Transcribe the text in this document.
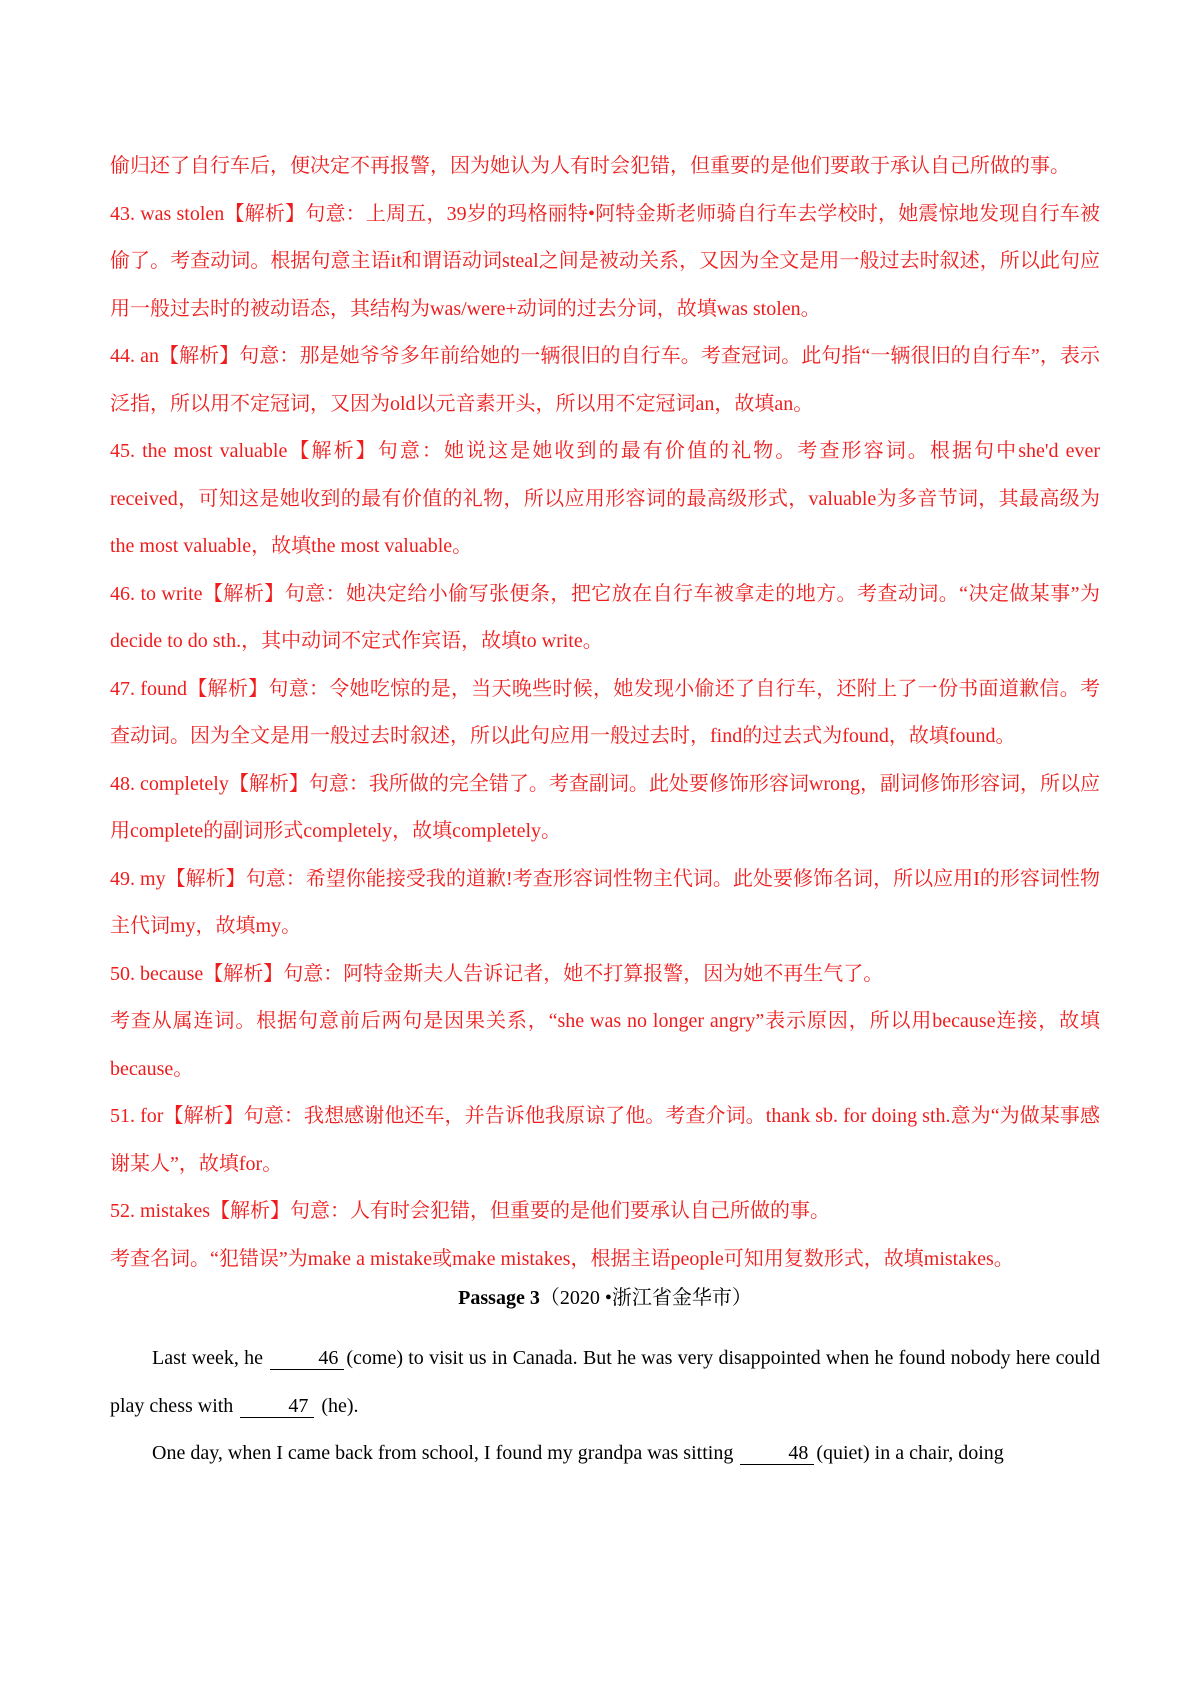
偷归还了自行车后，便决定不再报警，因为她认为人有时会犯错，但重要的是他们要敢于承认自己所做的事。

43. was stolen【解析】句意：上周五，39岁的玛格丽特•阿特金斯老师骑自行车去学校时，她震惊地发现自行车被偷了。考查动词。根据句意主语it和谓语动词steal之间是被动关系，又因为全文是用一般过去时叙述，所以此句应用一般过去时的被动语态，其结构为was/were+动词的过去分词，故填was stolen。

44. an【解析】句意：那是她爷爷多年前给她的一辆很旧的自行车。考查冠词。此句指“一辆很旧的自行车”，表示泛指，所以用不定冠词，又因为old以元音素开头，所以用不定冠词an，故填an。

45. the most valuable【解析】句意：她说这是她收到的最有价值的礼物。考查形容词。根据句中she'd ever received，可知这是她收到的最有价值的礼物，所以应用形容词的最高级形式，valuable为多音节词，其最高级为the most valuable，故填the most valuable。

46. to write【解析】句意：她决定给小偷写张便条，把它放在自行车被拿走的地方。考查动词。“决定做某事”为decide to do sth.，其中动词不定式作宾语，故填to write。

47. found【解析】句意：令她吃惊的是，当天晚些时候，她发现小偷还了自行车，还附上了一份书面道歉信。考查动词。因为全文是用一般过去时叙述，所以此句应用一般过去时，find的过去式为found，故填found。

48. completely【解析】句意：我所做的完全错了。考查副词。此处要修饰形容词wrong，副词修饰形容词，所以应用complete的副词形式completely，故填completely。

49. my【解析】句意：希望你能接受我的道歉!考查形容词性物主代词。此处要修饰名词，所以应用I的形容词性物主代词my，故填my。

50. because【解析】句意：阿特金斯夫人告诉记者，她不打算报警，因为她不再生气了。

考查从属连词。根据句意前后两句是因果关系，“she was no longer angry”表示原因，所以用because连接，故填because。

51. for【解析】句意：我想感谢他还车，并告诉他我原谅了他。考查介词。thank sb. for doing sth.意为“为做某事感谢某人”，故填for。

52. mistakes【解析】句意：人有时会犯错，但重要的是他们要承认自己所做的事。

考查名词。“犯错误”为make a mistake或make mistakes，根据主语people可知用复数形式，故填mistakes。

Passage 3（2020 •浙江省金华市）

Last week, he	46 (come) to visit us in Canada. But he was very disappointed when he found nobody here could play chess with	47 (he).

One day, when I came back from school, I found my grandpa was sitting	48 (quiet) in a chair, doing
